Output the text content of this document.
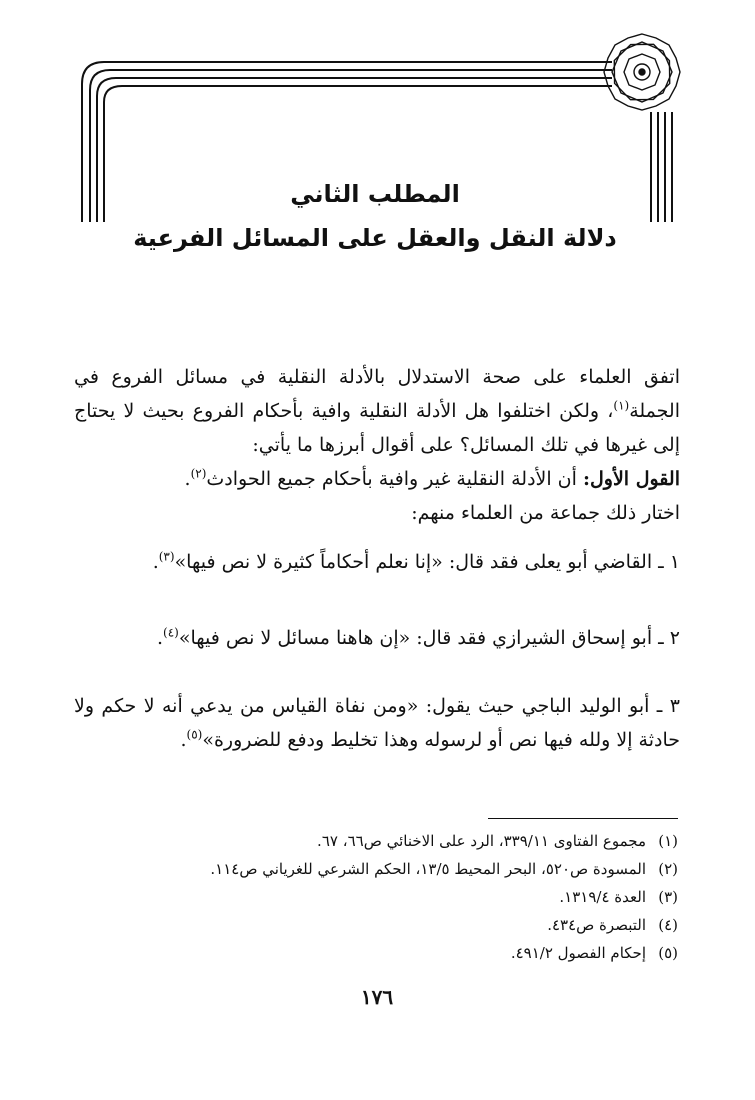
المطلب الثاني
دلالة النقل والعقل على المسائل الفرعية
اتفق العلماء على صحة الاستدلال بالأدلة النقلية في مسائل الفروع في الجملة$^{(١)}$، ولكن اختلفوا هل الأدلة النقلية وافية بأحكام الفروع بحيث لا يحتاج إلى غيرها في تلك المسائل؟ على أقوال أبرزها ما يأتي:

القول الأول: أن الأدلة النقلية غير وافية بأحكام جميع الحوادث$^{(٢)}$.

اختار ذلك جماعة من العلماء منهم:

١ ـ القاضي أبو يعلى فقد قال: «إنا نعلم أحكاماً كثيرة لا نص فيها»$^{(٣)}$.
٢ ـ أبو إسحاق الشيرازي فقد قال: «إن هاهنا مسائل لا نص فيها»$^{(٤)}$.
٣ ـ أبو الوليد الباجي حيث يقول: «ومن نفاة القياس من يدعي أنه لا حكم ولا حادثة إلا ولله فيها نص أو لرسوله وهذا تخليط ودفع للضرورة»$^{(٥)}$.
(١)مجموع الفتاوى ٣٣٩/١١، الرد على الاخنائي ص٦٦، ٦٧.
(٢)المسودة ص٥٢٠، البحر المحيط ١٣/٥، الحكم الشرعي للغرياني ص١١٤.
(٣)العدة ١٣١٩/٤.
(٤)التبصرة ص٤٣٤.
(٥)إحكام الفصول ٤٩١/٢.
١٧٦
